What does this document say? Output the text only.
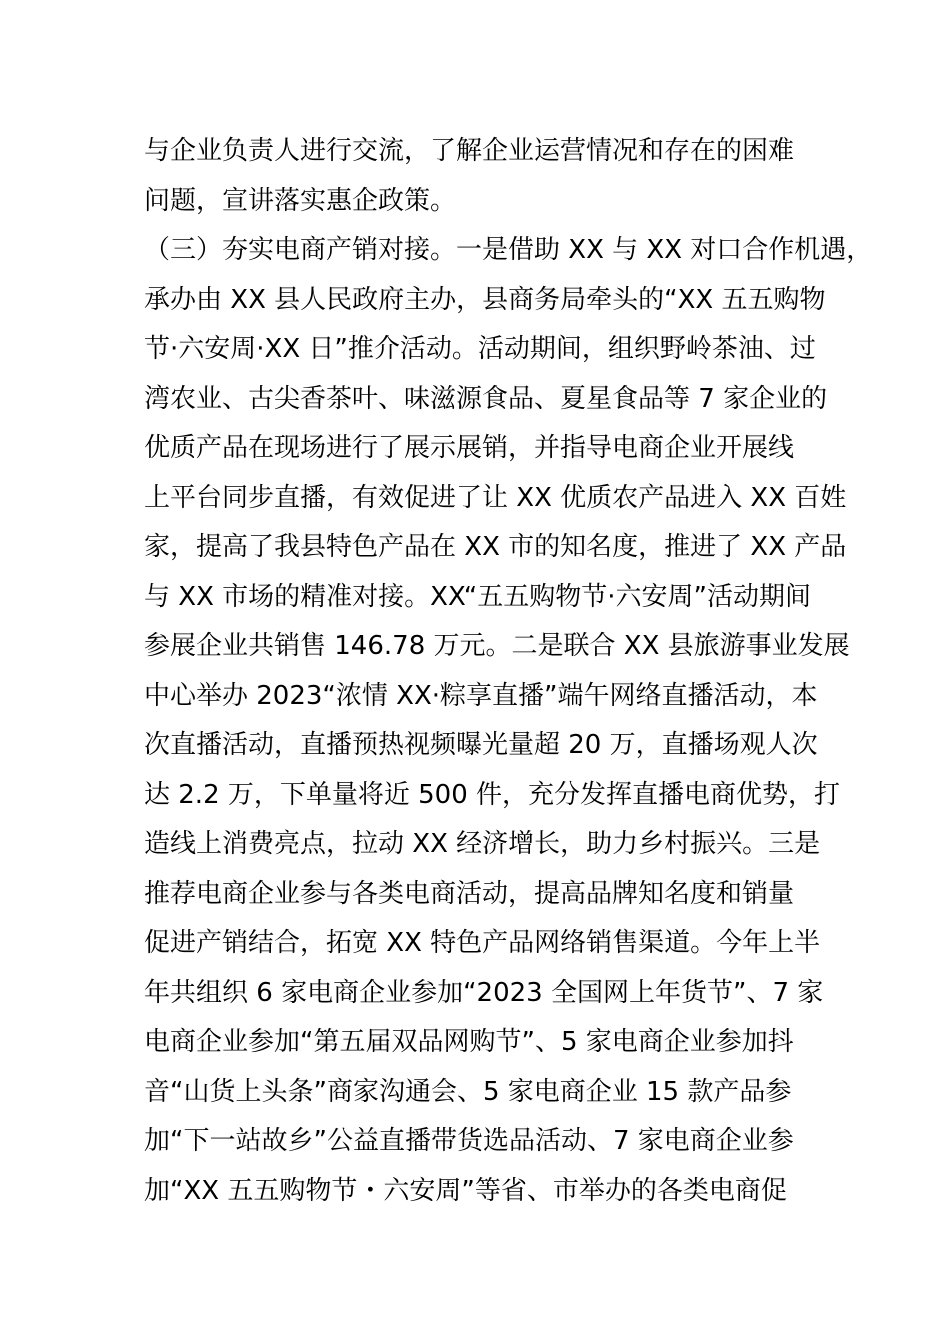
与企业负责人进行交流，了解企业运营情况和存在的困难
问题，宣讲落实惠企政策。
（三）夯实电商产销对接。一是借助 XX 与 XX 对口合作机遇，
承办由 XX 县人民政府主办，县商务局牵头的“XX 五五购物
节·六安周·XX 日”推介活动。活动期间，组织野岭茶油、过
湾农业、古尖香茶叶、味滋源食品、夏星食品等 7 家企业的
优质产品在现场进行了展示展销，并指导电商企业开展线
上平台同步直播，有效促进了让 XX 优质农产品进入 XX 百姓
家，提高了我县特色产品在 XX 市的知名度，推进了 XX 产品
与 XX 市场的精准对接。XX“五五购物节·六安周”活动期间
参展企业共销售 146.78 万元。二是联合 XX 县旅游事业发展
中心举办 2023“浓情 XX·粽享直播”端午网络直播活动，本
次直播活动，直播预热视频曝光量超 20 万，直播场观人次
达 2.2 万，下单量将近 500 件，充分发挥直播电商优势，打
造线上消费亮点，拉动 XX 经济增长，助力乡村振兴。三是
推荐电商企业参与各类电商活动，提高品牌知名度和销量
促进产销结合，拓宽 XX 特色产品网络销售渠道。今年上半
年共组织 6 家电商企业参加“2023 全国网上年货节”、7 家
电商企业参加“第五届双品网购节”、5 家电商企业参加抖
音“山货上头条”商家沟通会、5 家电商企业 15 款产品参
加“下一站故乡”公益直播带货选品活动、7 家电商企业参
加“XX 五五购物节・六安周”等省、市举办的各类电商促
